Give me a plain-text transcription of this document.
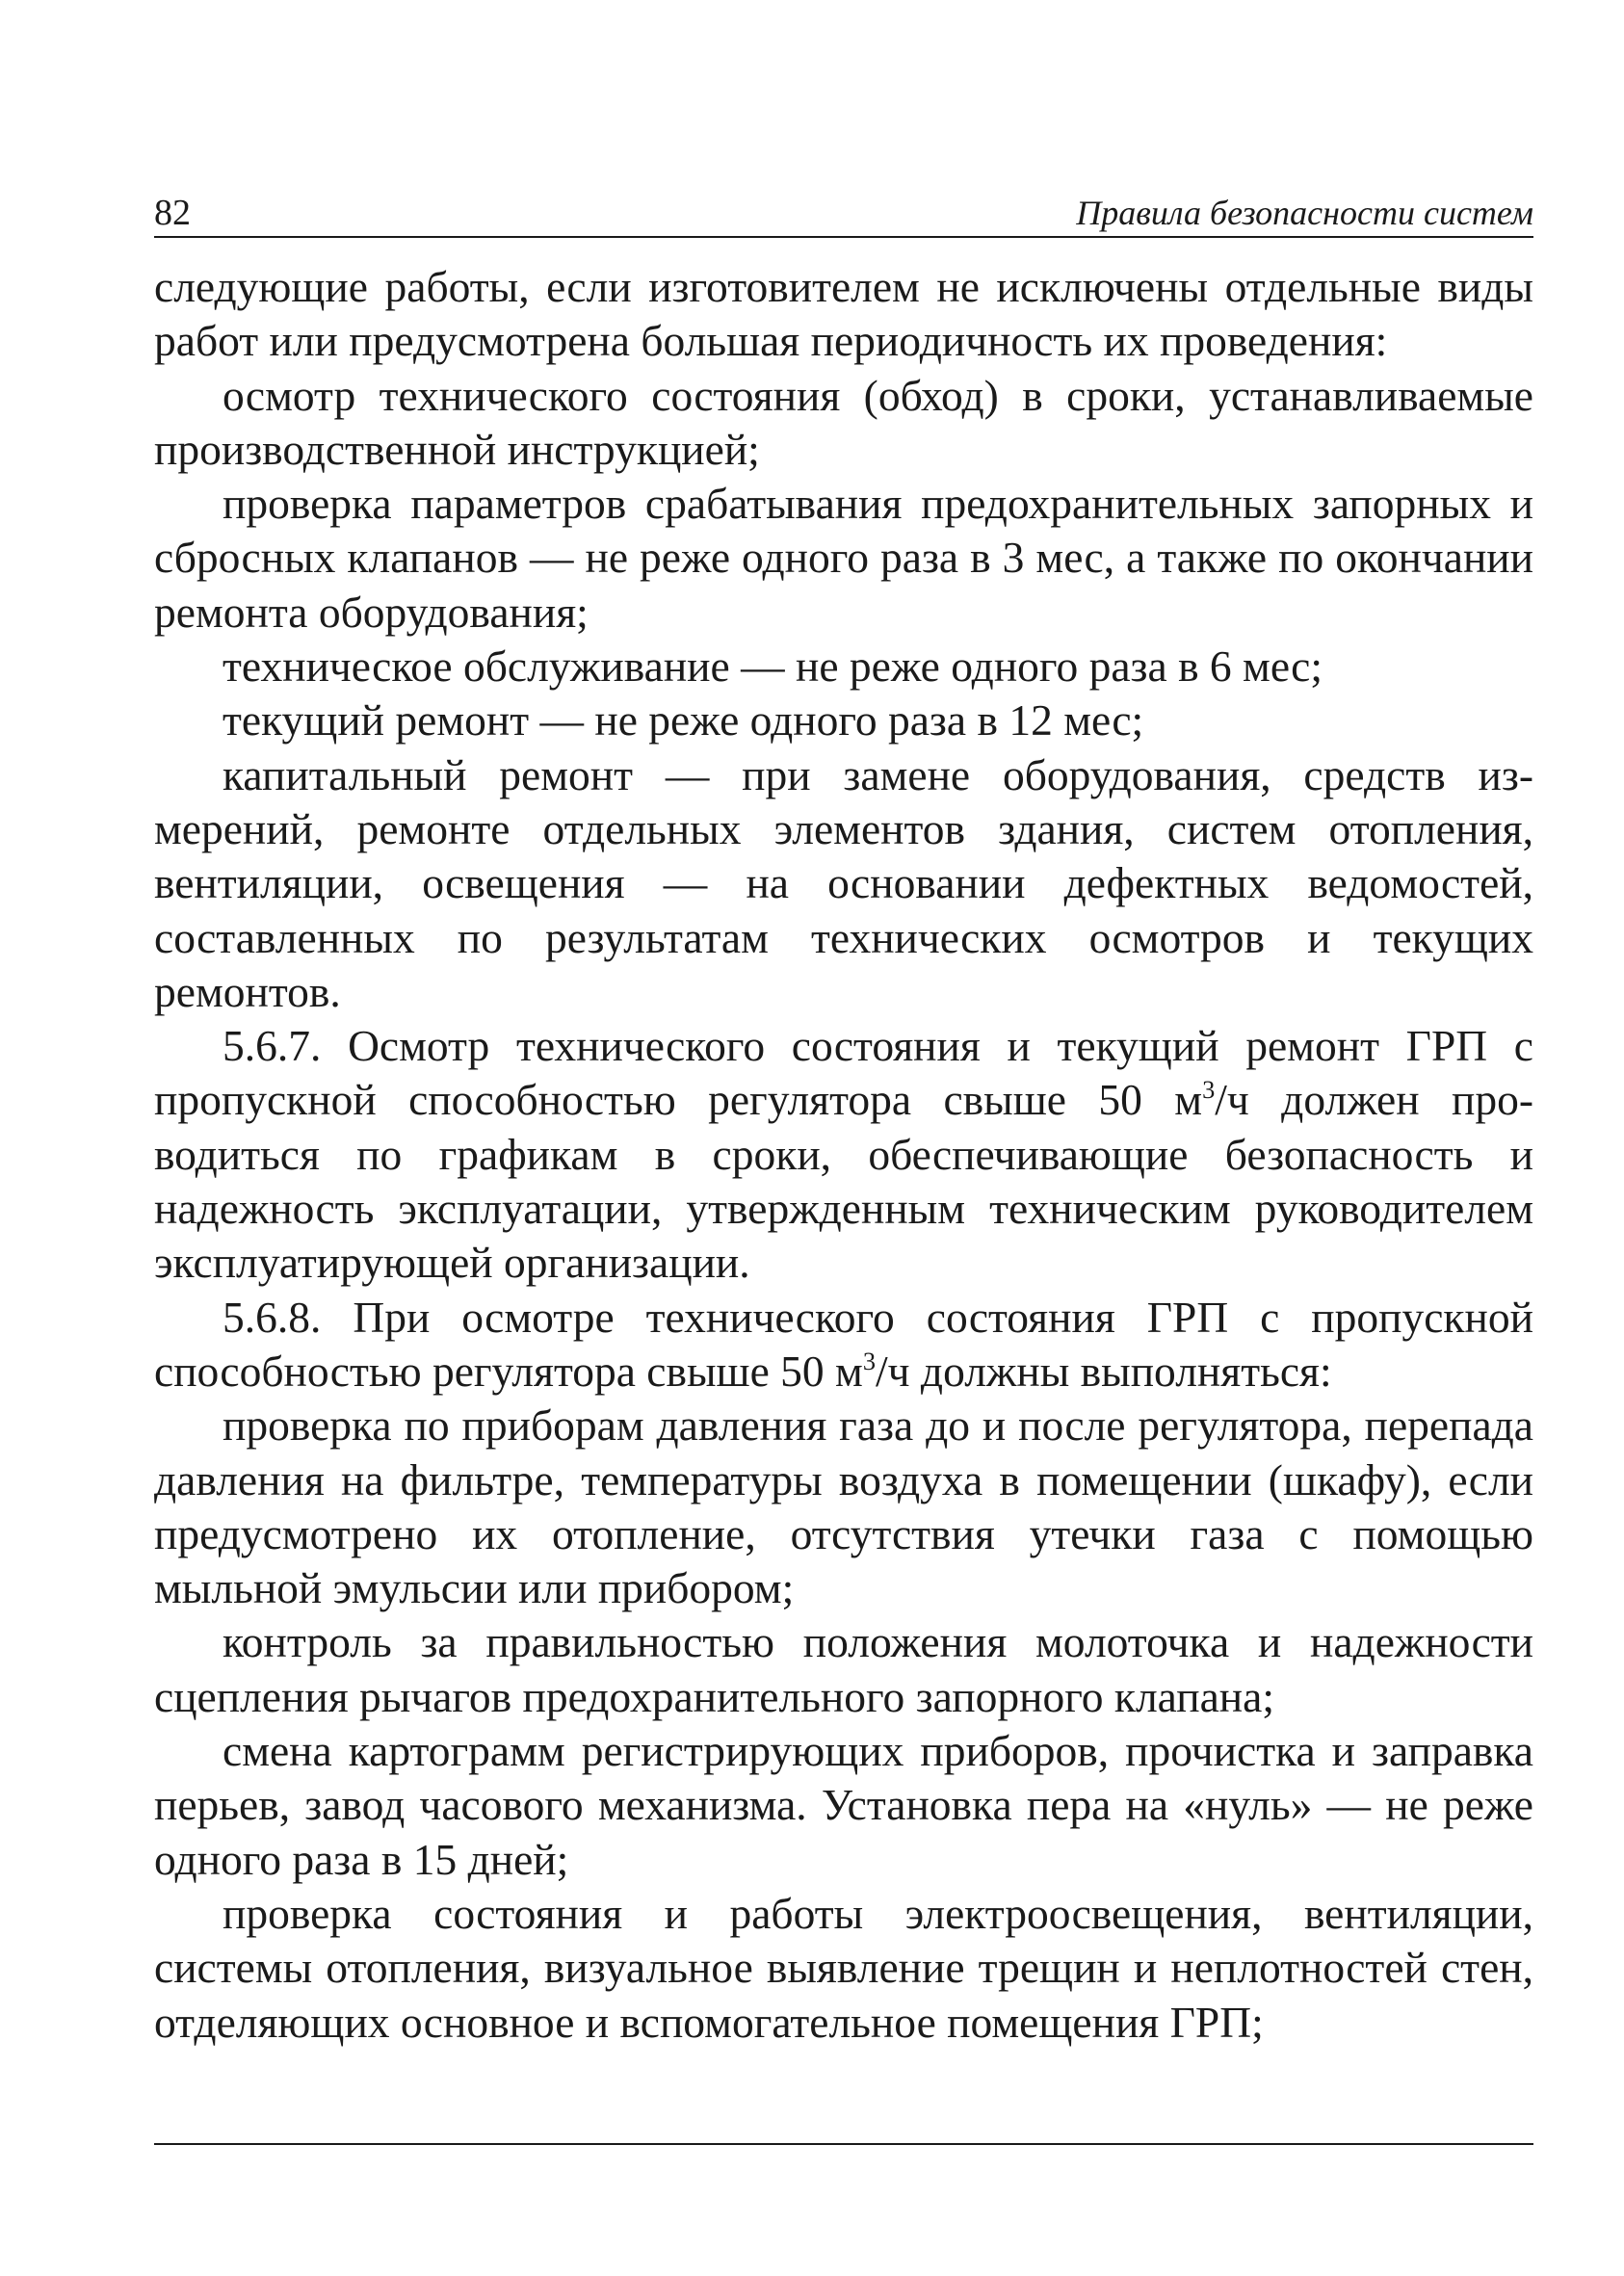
82	Правила безопасности систем

следующие работы, если изготовителем не исключены отдельные виды работ или предусмотрена большая периодичность их проведения:

осмотр технического состояния (обход) в сроки, устанавливаемые производственной инструкцией;

проверка параметров срабатывания предохранительных запорных и сбросных клапанов — не реже одного раза в 3 мес, а также по окончании ремонта оборудования;

техническое обслуживание — не реже одного раза в 6 мес;

текущий ремонт — не реже одного раза в 12 мес;

капитальный ремонт — при замене оборудования, средств измерений, ремонте отдельных элементов здания, систем отопления, вентиляции, освещения — на основании дефектных ведомостей, составленных по результатам технических осмотров и текущих ремонтов.

5.6.7. Осмотр технического состояния и текущий ремонт ГРП с пропускной способностью регулятора свыше 50 $м^3/ч$ должен проводиться по графикам в сроки, обеспечивающие безопасность и надежность эксплуатации, утвержденным техническим руководителем эксплуатирующей организации.

5.6.8. При осмотре технического состояния ГРП с пропускной способностью регулятора свыше 50 $м^3/ч$ должны выполняться:

проверка по приборам давления газа до и после регулятора, перепада давления на фильтре, температуры воздуха в помещении (шкафу), если предусмотрено их отопление, отсутствия утечки газа с помощью мыльной эмульсии или прибором;

контроль за правильностью положения молоточка и надежности сцепления рычагов предохранительного запорного клапана;

смена картограмм регистрирующих приборов, прочистка и заправка перьев, завод часового механизма. Установка пера на «нуль» — не реже одного раза в 15 дней;

проверка состояния и работы электроосвещения, вентиляции, системы отопления, визуальное выявление трещин и неплотностей стен, отделяющих основное и вспомогательное помещения ГРП;
